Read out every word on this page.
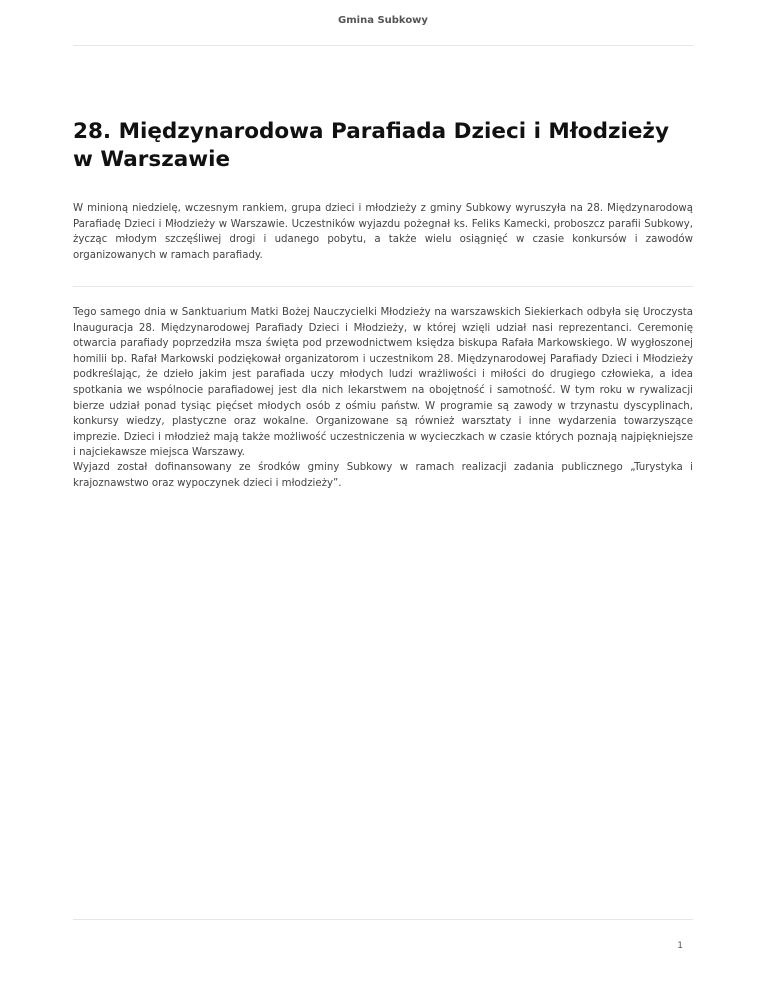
Gmina Subkowy
28. Międzynarodowa Parafiada Dzieci i Młodzieży w Warszawie

W minioną niedzielę, wczesnym rankiem, grupa dzieci i młodzieży z gminy Subkowy wyruszyła na 28. Międzynarodową Parafiadę Dzieci i Młodzieży w Warszawie. Uczestników wyjazdu pożegnał ks. Feliks Kamecki, proboszcz parafii Subkowy, życząc młodym szczęśliwej drogi i udanego pobytu, a także wielu osiągnięć w czasie konkursów i zawodów organizowanych w ramach parafiady.

Tego samego dnia w Sanktuarium Matki Bożej Nauczycielki Młodzieży na warszawskich Siekierkach odbyła się Uroczysta Inauguracja 28. Międzynarodowej Parafiady Dzieci i Młodzieży, w której wzięli udział nasi reprezentanci. Ceremonię otwarcia parafiady poprzedziła msza święta pod przewodnictwem księdza biskupa Rafała Markowskiego. W wygłoszonej homilii bp. Rafał Markowski podziękował organizatorom i uczestnikom 28. Międzynarodowej Parafiady Dzieci i Młodzieży podkreślając, że dzieło jakim jest parafiada uczy młodych ludzi wrażliwości i miłości do drugiego człowieka, a idea spotkania we wspólnocie parafiadowej jest dla nich lekarstwem na obojętność i samotność. W tym roku w rywalizacji bierze udział ponad tysiąc pięćset młodych osób z ośmiu państw. W programie są zawody w trzynastu dyscyplinach, konkursy wiedzy, plastyczne oraz wokalne. Organizowane są również warsztaty i inne wydarzenia towarzyszące imprezie. Dzieci i młodzież mają także możliwość uczestniczenia w wycieczkach w czasie których poznają najpiękniejsze i najciekawsze miejsca Warszawy.

Wyjazd został dofinansowany ze środków gminy Subkowy w ramach realizacji zadania publicznego „Turystyka i krajoznawstwo oraz wypoczynek dzieci i młodzieży”.

1
